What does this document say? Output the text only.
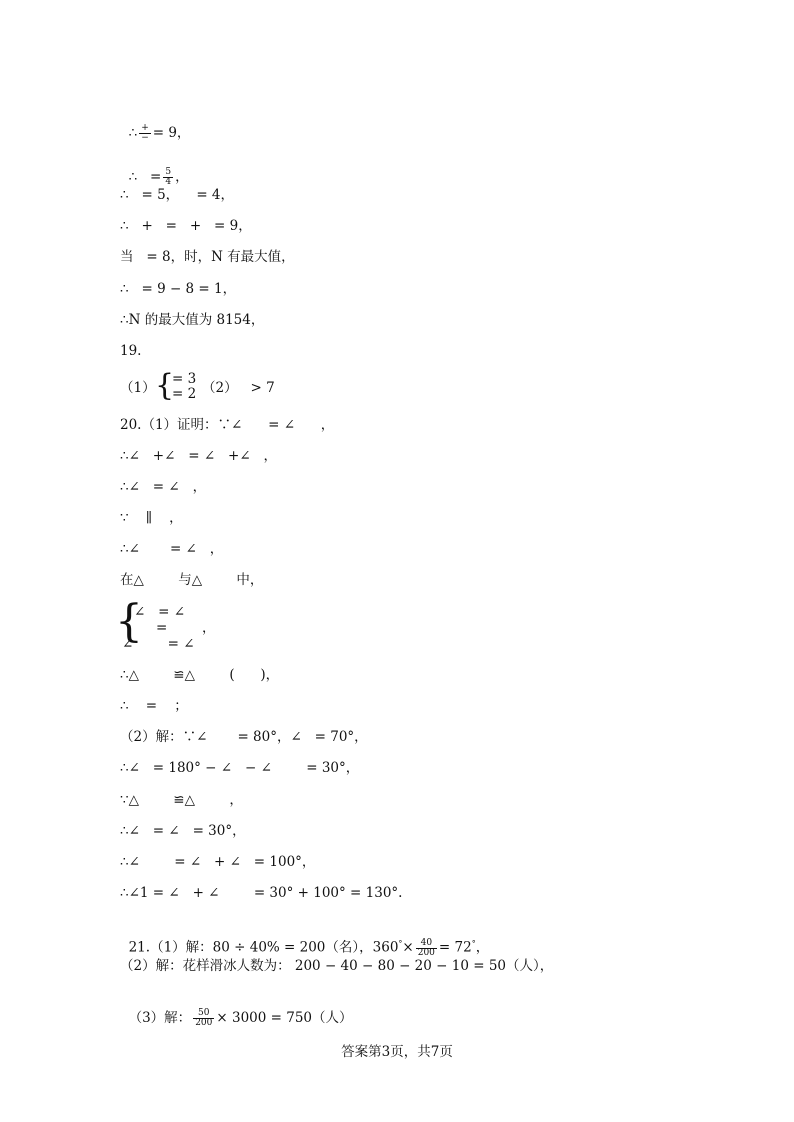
∴ $\frac{+}{-} = 9$，

∴   = $\frac{5}{4}$ ，

∴   = 5，    = 4，
∴   +   =   +   = 9，
当   = 8，时，N 有最大值，
∴   = 9 − 8 = 1，
∴N 的最大值为 8154，
19.
（1） {
= 3
= 2 （2）   > 7
20.（1）证明：∵∠      = ∠      ，
∴∠   +∠   = ∠   +∠   ，
∴∠   = ∠   ，
∵    ∥    ，
∴∠       = ∠   ，
在△        与△        中，
{
∠   = ∠
=
∠        = ∠
，
∴△        ≌△        (      )，
∴    =    ；
（2）解：∵∠       = 80°，∠   = 70°，
∴∠   = 180° − ∠   − ∠        = 30°，
∵△        ≌△        ，
∴∠   = ∠   = 30°，
∴∠        = ∠   + ∠   = 100°，
∴∠1 = ∠   + ∠        = 30° + 100° = 130°.

21.（1）解：80 ÷ 40% = 200（名），$360^\circ\times \frac{40}{200} = 72^\circ$，

（2）解：花样滑冰人数为： 200 − 40 − 80 − 20 − 10 = 50（人），

（3）解： $\frac{50}{200} \times 3000 = 750$（人）

答案第3页，共7页
